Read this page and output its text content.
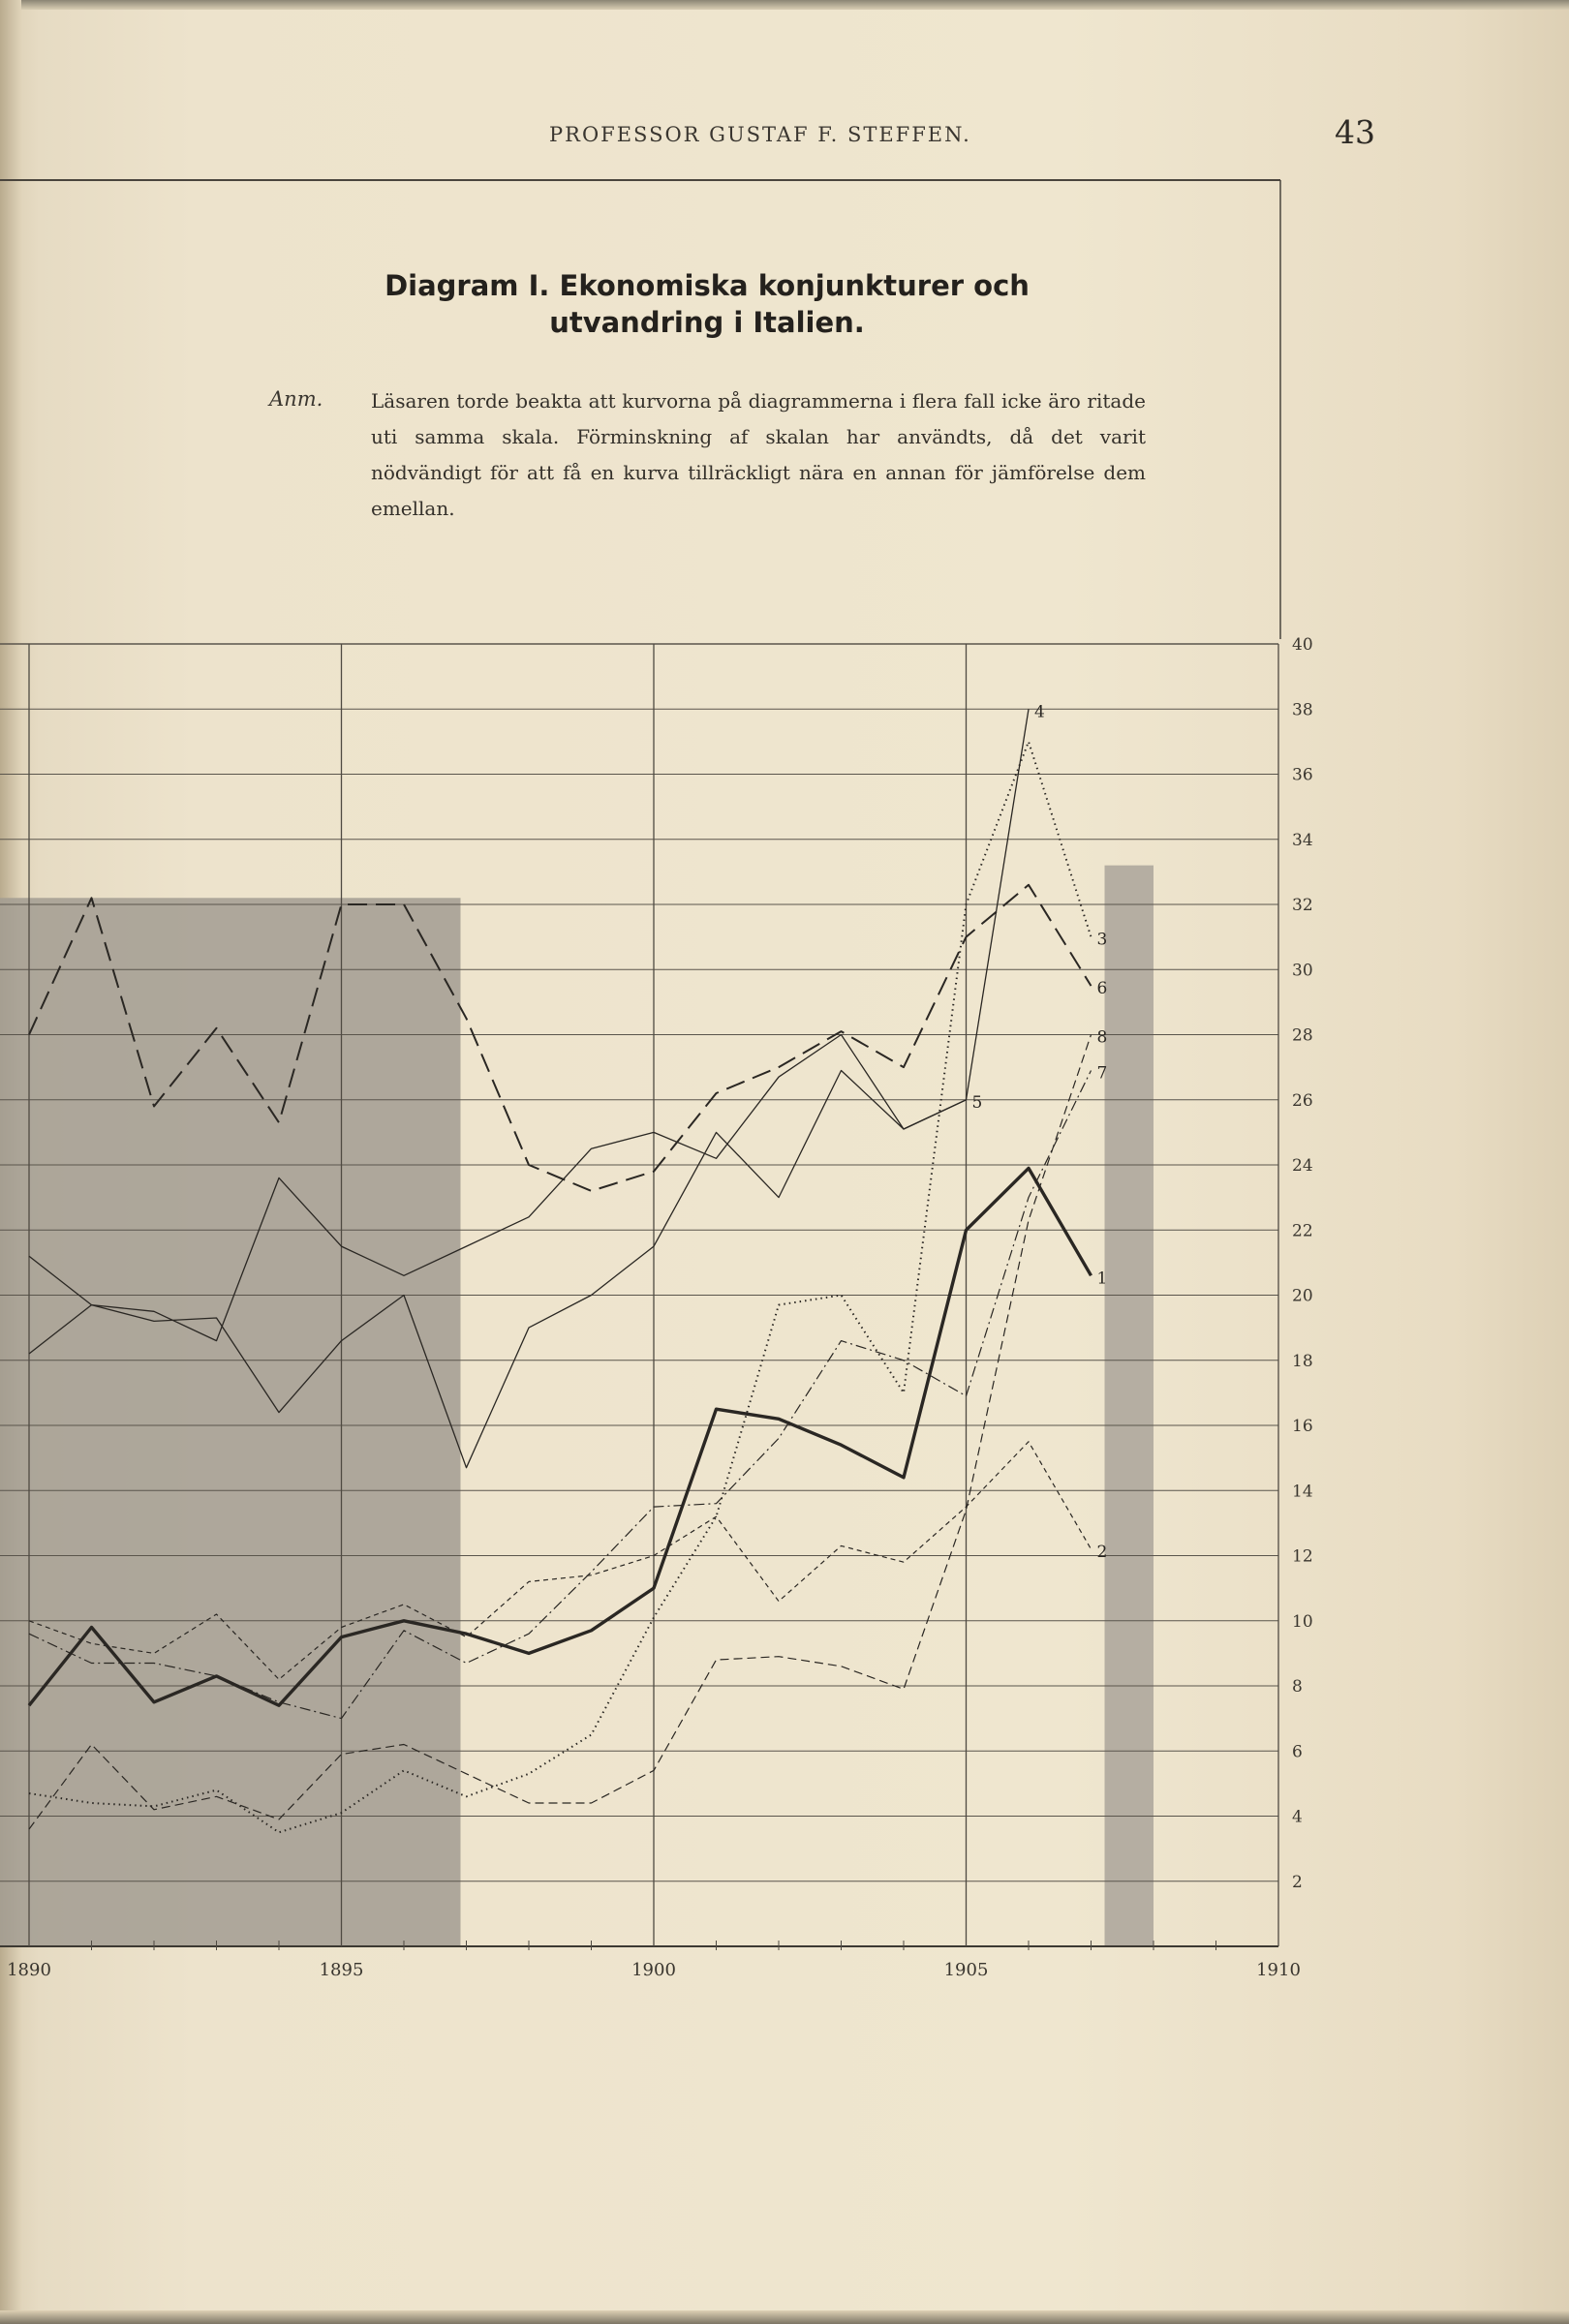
PROFESSOR GUSTAF F. STEFFEN.	43
Diagram I. Ekonomiska konjunkturer och
utvandring i Italien.
Anm. Läsaren torde beakta att kurvorna på diagrammerna i flera fall icke äro ritade uti samma skala. Förminskning af skalan har användts, då det varit nödvändigt för att få en kurva tillräckligt nära en annan för jämförelse dem emellan.
1
2
3
4
5
6
7
8
2
4
6
8
10
12
14
16
18
20
22
24
26
28
30
32
34
36
38
40
1890	1895	1900	1905	1910
